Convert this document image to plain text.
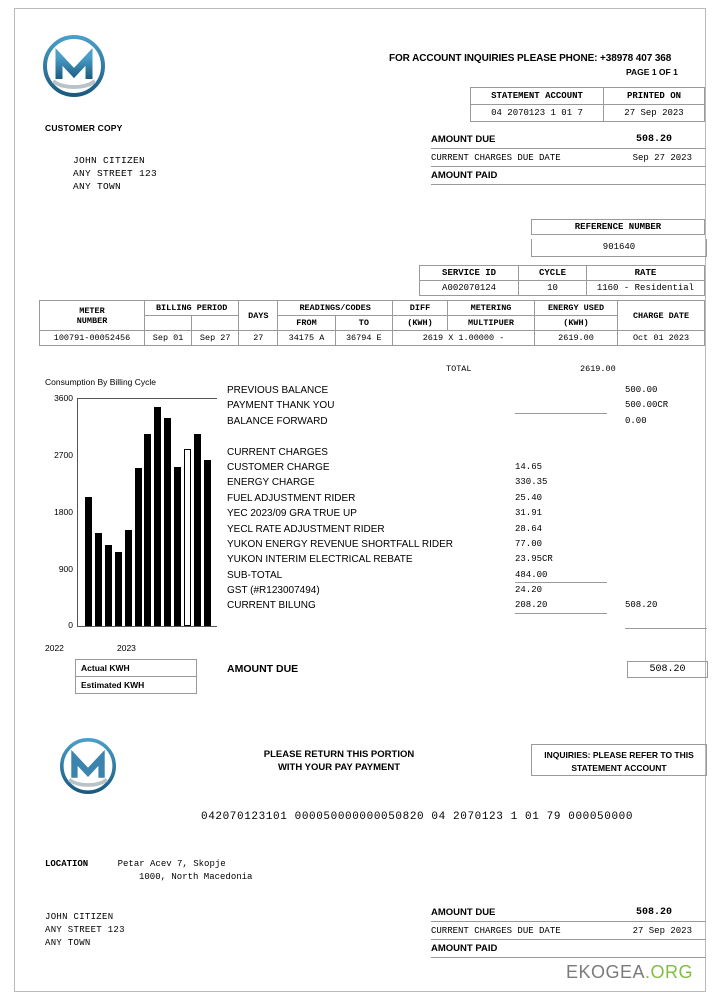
CUSTOMER COPY
JOHN CITIZEN
ANY STREET 123
ANY TOWN
FOR ACCOUNT INQUIRIES PLEASE PHONE: +38978 407 368
PAGE 1 OF 1
STATEMENT ACCOUNT	PRINTED ON
04 2070123 1 01 7	27 Sep 2023
AMOUNT DUE	508.20
CURRENT CHARGES DUE DATE	Sep 27 2023
AMOUNT PAID
REFERENCE NUMBER
901640
SERVICE ID	CYCLE	RATE
A002070124	10	1160 - Residential
METER
NUMBER	BILLING PERIOD		DAYS	READINGS/CODES		DIFF	METERING	ENERGY USED	CHARGE DATE
				FROM	TO	(KWH)	MULTIPUER	(KWH)	
100791-00052456	Sep 01	Sep 27	27	34175 A	36794 E	2619 X 1.00000 -		2619.00	Oct 01 2023
TOTAL	2619.00
Consumption By Billing Cycle
3600
2700
1800
900
0
2022	2023
Actual KWH
Estimated KWH
PREVIOUS BALANCE	500.00
PAYMENT THANK YOU	500.00CR
BALANCE FORWARD	0.00
CURRENT CHARGES
CUSTOMER CHARGE	14.65
ENERGY CHARGE	330.35
FUEL ADJUSTMENT RIDER	25.40
YEC 2023/09 GRA TRUE UP	31.91
YECL RATE ADJUSTMENT RIDER	28.64
YUKON ENERGY REVENUE SHORTFALL RIDER	77.00
YUKON INTERIM ELECTRICAL REBATE	23.95CR
SUB-TOTAL	484.00
GST (#R123007494)	24.20
CURRENT BILUNG	208.20	508.20
AMOUNT DUE	508.20
PLEASE RETURN THIS PORTION
WITH YOUR PAY PAYMENT
INQUIRIES: PLEASE REFER TO THIS
STATEMENT ACCOUNT
042070123101 000050000000050820 04 2070123 1 01 79 000050000
LOCATION	Petar Acev 7, Skopje
1000, North Macedonia
JOHN CITIZEN
ANY STREET 123
ANY TOWN
AMOUNT DUE	508.20
CURRENT CHARGES DUE DATE	27 Sep 2023
AMOUNT PAID
EKOGEA.ORG
